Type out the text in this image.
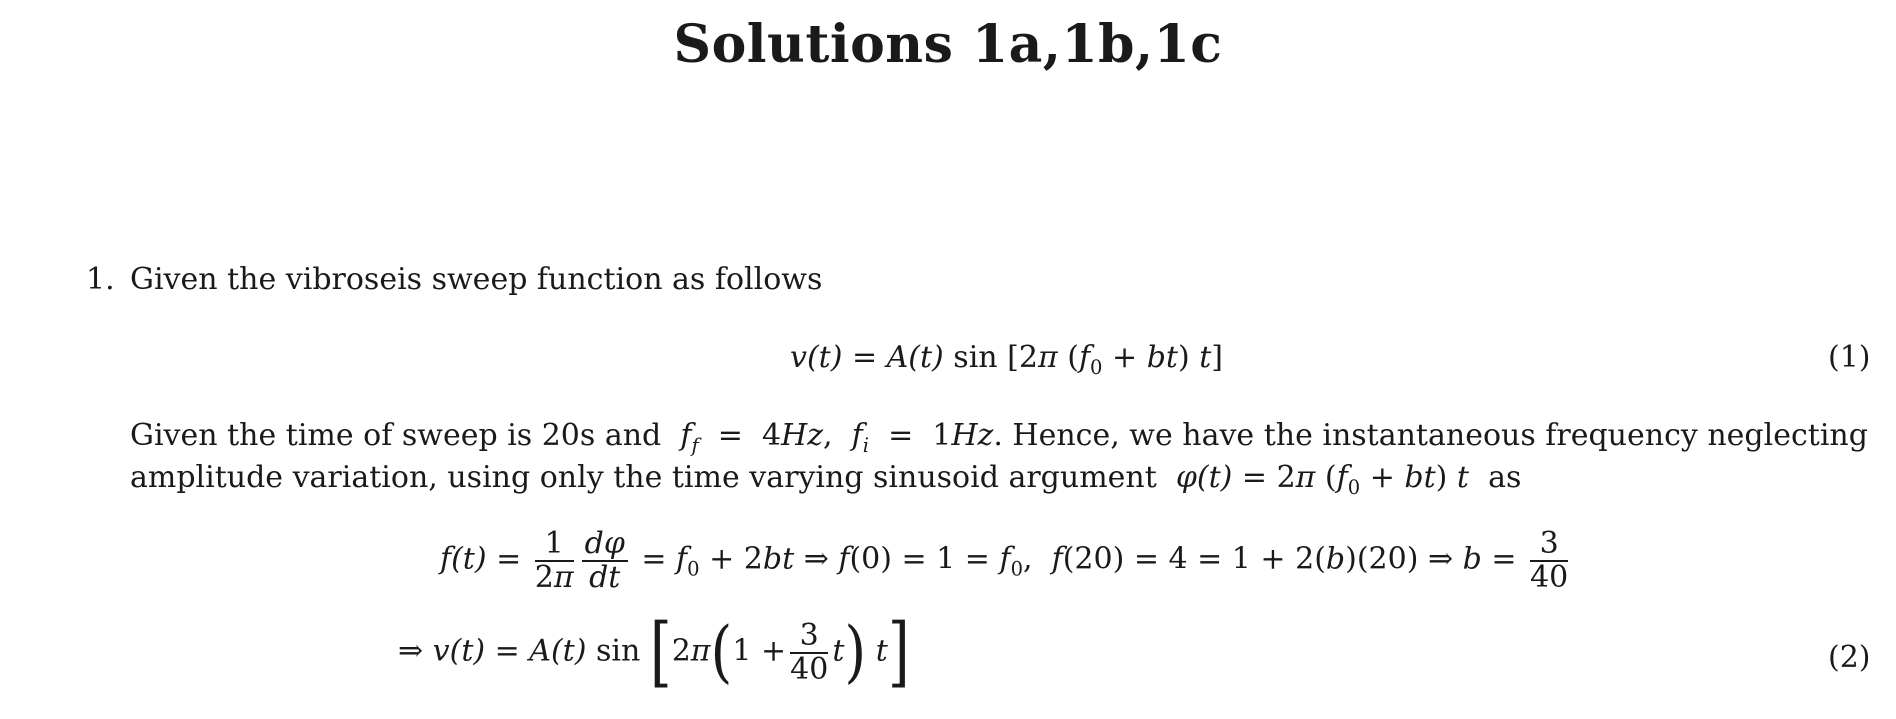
Solutions 1a,1b,1c
1. Given the vibroseis sweep function as follows
v(t) = A(t) sin [2π $(f_0 + bt)$ t]	(1)
Given the time of sweep is 20s and  $f_f = 4Hz$,  $f_i = 1Hz$. Hence, we have the instantaneous frequency neglecting
amplitude variation, using only the time varying sinusoid argument  φ(t) = 2π $(f_0 + bt)$ t  as
$f(t) = \frac{1}{2\pi} \frac{d\varphi}{dt} = f_0 + 2bt$ ⇒ $f(0) = 1 = f_0$,  f(20) = 4 = 1 + 2(b)(20) ⇒ $b = \frac{3}{40}$
⇒ v(t) = A(t) $\sin [2\pi(1 + \frac{3}{40} t)$ t]	(2)
